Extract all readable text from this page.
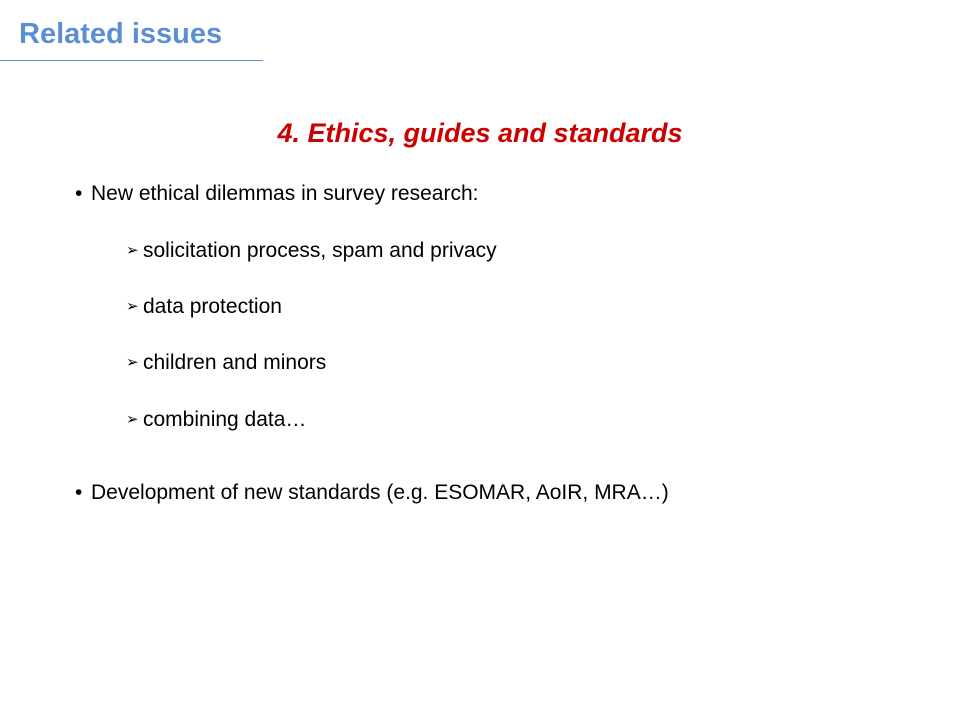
Related issues
4. Ethics, guides and standards
• New ethical dilemmas in survey research:
➢ solicitation process, spam and privacy
➢ data protection
➢ children and minors
➢ combining data…
• Development of new standards (e.g. ESOMAR, AoIR, MRA…)
